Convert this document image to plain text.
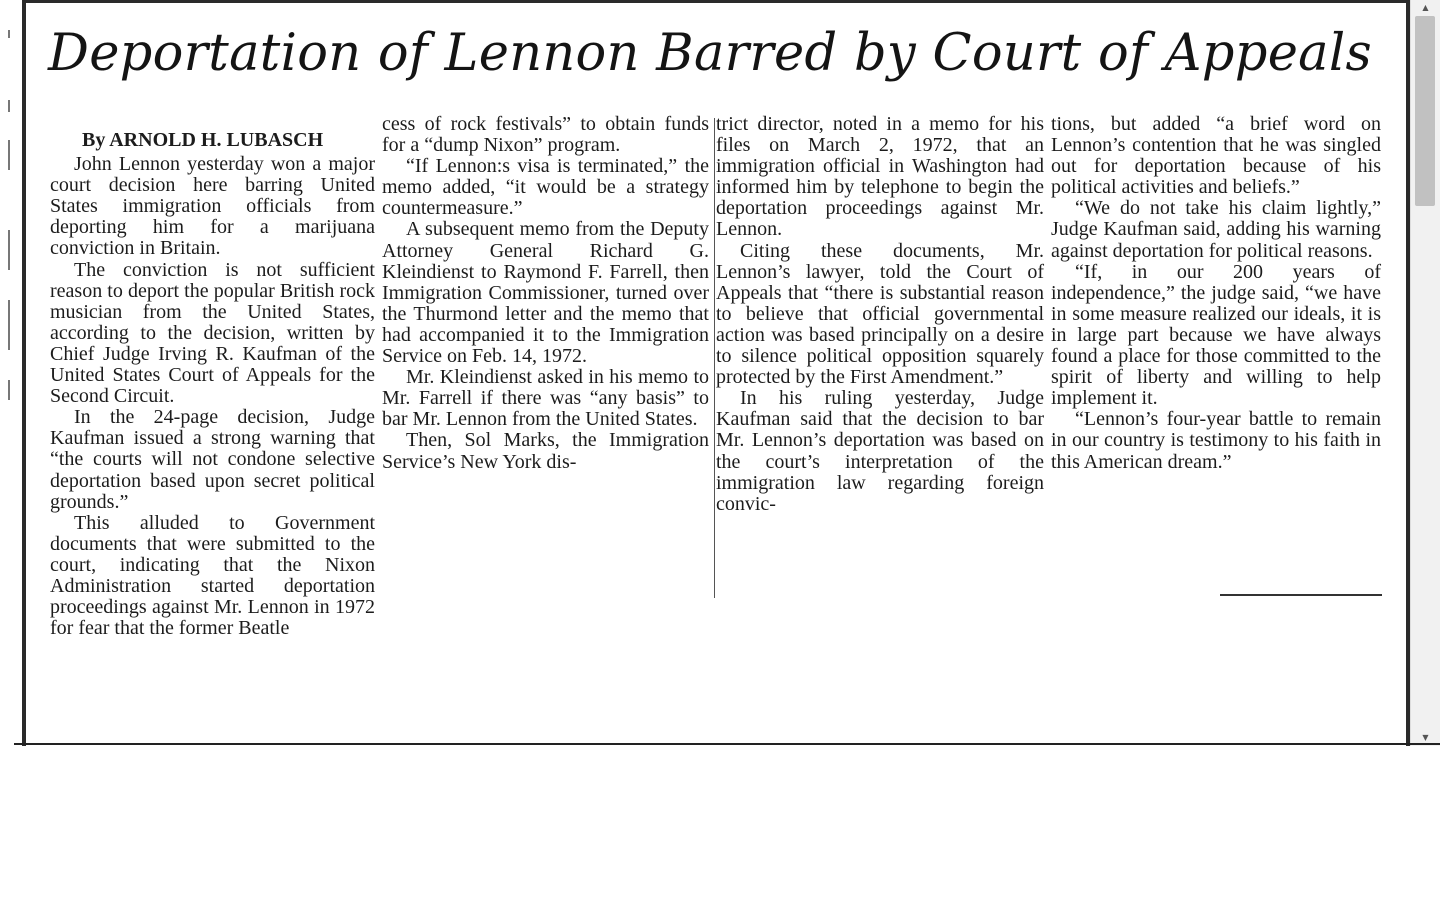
Deportation of Lennon Barred by Court of Appeals

By ARNOLD H. LUBASCH

John Lennon yesterday won a major court decision here barring United States immigration officials from deporting him for a marijuana conviction in Britain.

The conviction is not sufficient reason to deport the popular British rock musician from the United States, according to the decision, written by Chief Judge Irving R. Kaufman of the United States Court of Appeals for the Second Circuit.

In the 24-page decision, Judge Kaufman issued a strong warning that “the courts will not condone selective deportation based upon secret political grounds.”

This alluded to Government documents that were submitted to the court, indicating that the Nixon Administration started deportation proceedings against Mr. Lennon in 1972 for fear that the former Beatle

cess of rock festivals” to obtain funds for a “dump Nixon” program.

“If Lennon:s visa is terminated,” the memo added, “it would be a strategy countermeasure.”

A subsequent memo from the Deputy Attorney General Richard G. Kleindienst to Raymond F. Farrell, then Immigration Commissioner, turned over the Thurmond letter and the memo that had accompanied it to the Immigration Service on Feb. 14, 1972.

Mr. Kleindienst asked in his memo to Mr. Farrell if there was “any basis” to bar Mr. Lennon from the United States.

Then, Sol Marks, the Immigration Service’s New York dis-

trict director, noted in a memo for his files on March 2, 1972, that an immigration official in Washington had informed him by telephone to begin the deportation proceedings against Mr. Lennon.

Citing these documents, Mr. Lennon’s lawyer, told the Court of Appeals that “there is substantial reason to believe that official governmental action was based principally on a desire to silence political opposition squarely protected by the First Amendment.”

In his ruling yesterday, Judge Kaufman said that the decision to bar Mr. Lennon’s deportation was based on the court’s interpretation of the immigration law regarding foreign convic-

tions, but added “a brief word on Lennon’s contention that he was singled out for deportation because of his political activities and beliefs.”

“We do not take his claim lightly,” Judge Kaufman said, adding his warning against deportation for political reasons.

“If, in our 200 years of independence,” the judge said, “we have in some measure realized our ideals, it is in large part because we have always found a place for those committed to the spirit of liberty and willing to help implement it.

“Lennon’s four-year battle to remain in our country is testimony to his faith in this American dream.”

▲
▼
